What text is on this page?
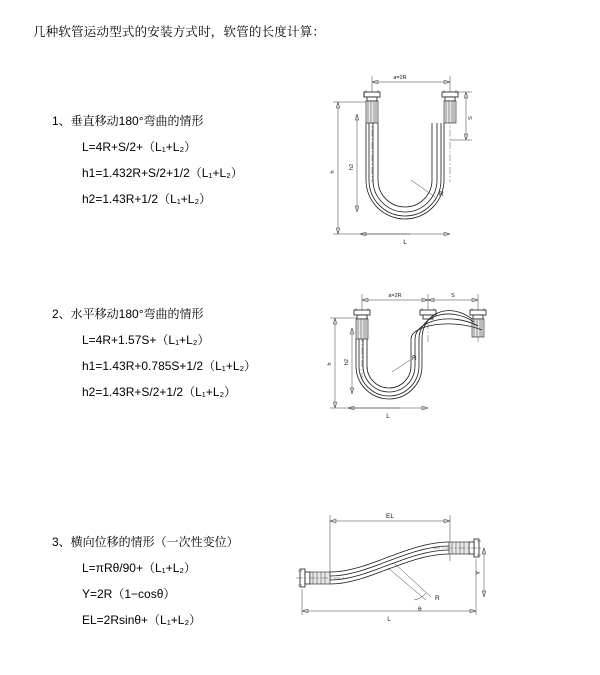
几种软管运动型式的安装方式时，软管的长度计算：
1、垂直移动180°弯曲的情形
L=4R+S/2+（L₁+L₂）
h1=1.432R+S/2+1/2（L₁+L₂）
h2=1.43R+1/2（L₁+L₂）
2、水平移动180°弯曲的情形
L=4R+1.57S+（L₁+L₂）
h1=1.43R+0.785S+1/2（L₁+L₂）
h2=1.43R+S/2+1/2（L₁+L₂）
3、横向位移的情形（一次性变位）
L=πRθ/90+（L₁+L₂）
Y=2R（1−cosθ）
EL=2Rsinθ+（L₁+L₂）
a=2R
h
h2
S
R
L
a=2R	S
h h2	R
L
EL
θ
R
Y
L
